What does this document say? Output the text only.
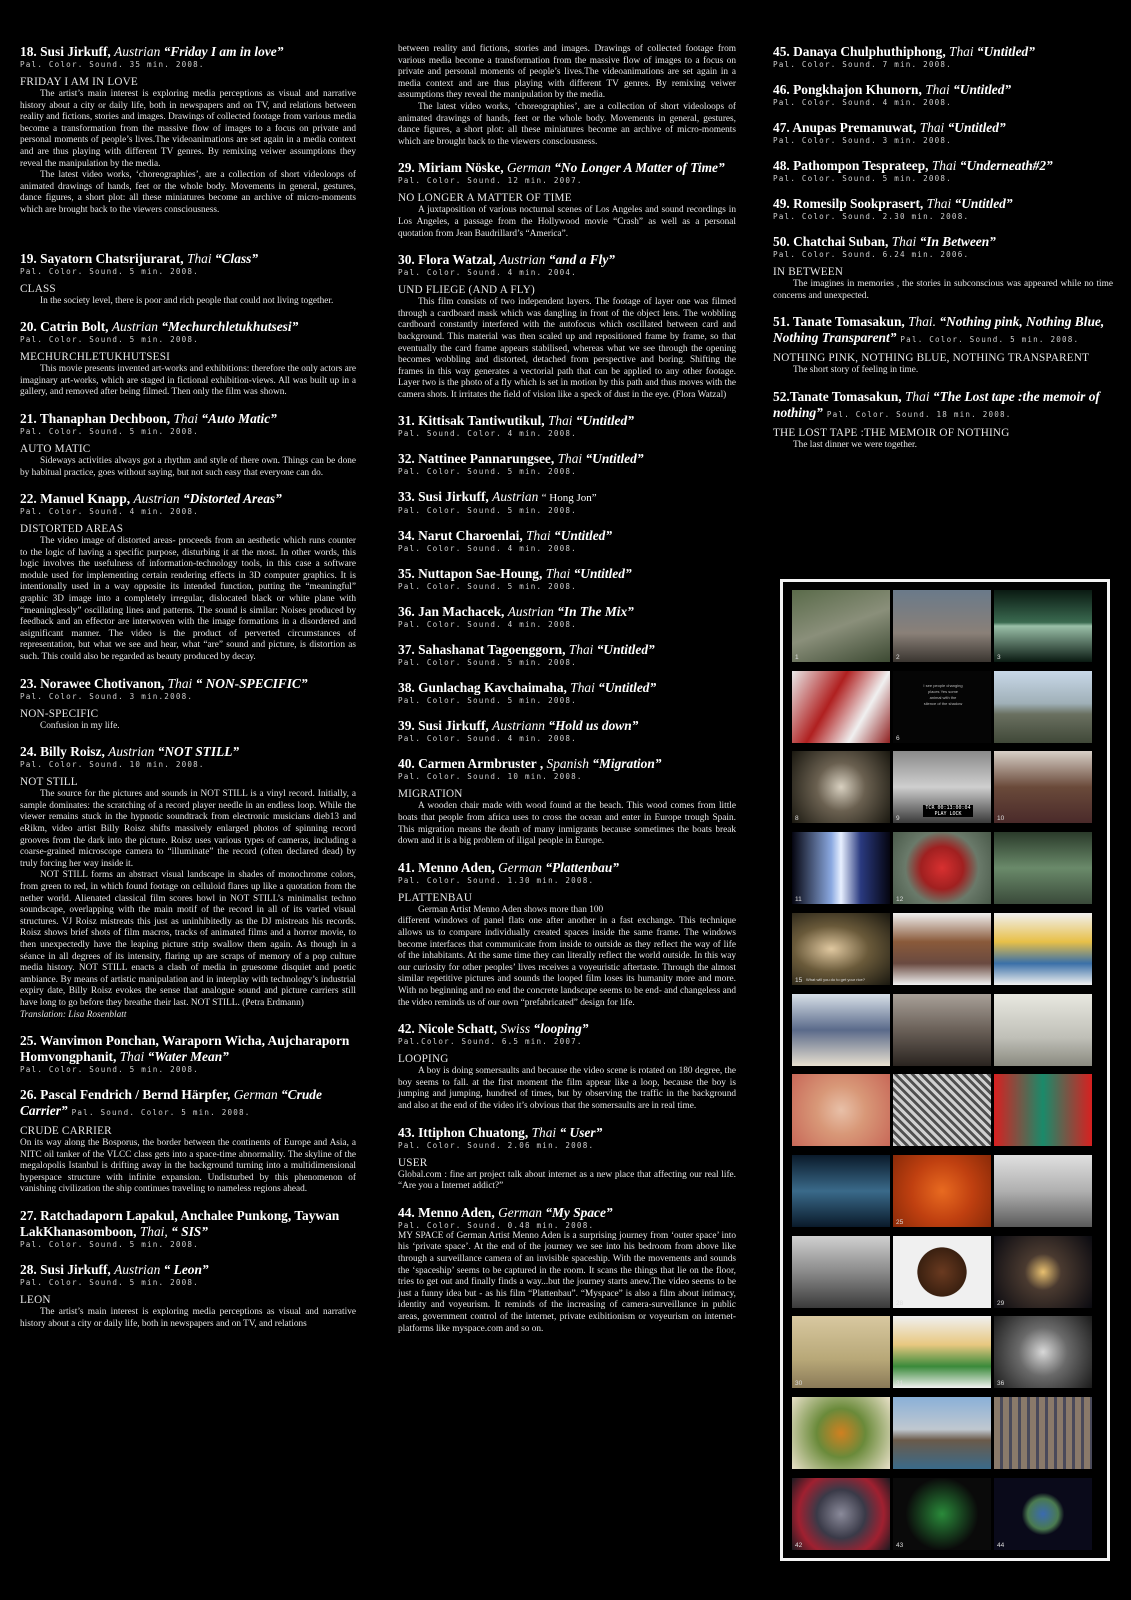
18. Susi Jirkuff, Austrian “Friday I am in love”
Pal. Color. Sound. 35 min. 2008.
FRIDAY I AM IN LOVE

The artist’s main interest is exploring media perceptions as visual and narrative history about a city or daily life, both in newspapers and on TV, and relations between reality and fictions, stories and images. Drawings of collected footage from various media become a transformation from the massive flow of images to a focus on private and personal moments of people’s lives.The videoanimations are set again in a media context and are thus playing with different TV genres. By remixing veiwer assumptions they reveal the manipulation by the media.

The latest video works, ‘choreographies’, are a collection of short videoloops of animated drawings of hands, feet or the whole body. Movements in general, gestures, dance figures, a short plot: all these miniatures become an archive of micro-moments which are brought back to the viewers consciousness.

19. Sayatorn Chatsrijurarat, Thai “Class”
Pal. Color. Sound. 5 min. 2008.
CLASS

In the society level, there is poor and rich people that could not living together.

20. Catrin Bolt, Austrian “Mechurchletukhutsesi”
Pal. Color. Sound. 5 min. 2008.
MECHURCHLETUKHUTSESI

This movie presents invented art-works and exhibitions: therefore the only actors are imaginary art-works, which are staged in fictional exhibition-views. All was built up in a gallery, and removed after being filmed. Then only the film was shown.

21. Thanaphan Dechboon, Thai “Auto Matic”
Pal. Color. Sound. 5 min. 2008.
AUTO MATIC

Sideways activities always got a rhythm and style of there own. Things can be done by habitual practice, goes without saying, but not such easy that everyone can do.

22. Manuel Knapp, Austrian “Distorted Areas”
Pal. Color. Sound. 4 min. 2008.
DISTORTED AREAS

The video image of distorted areas- proceeds from an aesthetic which runs counter to the logic of having a specific purpose, disturbing it at the most. In other words, this logic involves the usefulness of information-technology tools, in this case a software module used for implementing certain rendering effects in 3D computer graphics. It is intentionally used in a way opposite its intended function, putting the “meaningful” graphic 3D image into a completely irregular, dislocated black or white plane with “meaninglessly” oscillating lines and patterns. The sound is similar: Noises produced by feedback and an effector are interwoven with the image formations in a disordered and asignificant manner. The video is the product of perverted circumstances of representation, but what we see and hear, what “are” sound and picture, is distortion as such. This could also be regarded as beauty produced by decay.

23. Norawee Chotivanon, Thai “ NON-SPECIFIC”
Pal. Color. Sound. 3 min.2008.
NON-SPECIFIC

Confusion in my life.

24. Billy Roisz, Austrian “NOT STILL”
Pal. Color. Sound. 10 min. 2008.
NOT STILL

The source for the pictures and sounds in NOT STILL is a vinyl record. Initially, a sample dominates: the scratching of a record player needle in an endless loop. While the viewer remains stuck in the hypnotic soundtrack from electronic musicians dieb13 and eRikm, video artist Billy Roisz shifts massively enlarged photos of spinning record grooves from the dark into the picture. Roisz uses various types of cameras, including a coarse-grained microscope camera to “illuminate” the record (often declared dead) by truly forcing her way inside it.

NOT STILL forms an abstract visual landscape in shades of monochrome colors, from green to red, in which found footage on celluloid flares up like a quotation from the nether world. Alienated classical film scores howl in NOT STILL’s minimalist techno soundscape, overlapping with the main motif of the record in all of its varied visual structures. VJ Roisz mistreats this just as uninhibitedly as the DJ mistreats his records. Roisz shows brief shots of film macros, tracks of animated films and a horror movie, to then unexpectedly have the leaping picture strip swallow them again. As though in a séance in all degrees of its intensity, flaring up are scraps of memory of a pop culture media history. NOT STILL enacts a clash of media in gruesome disquiet and poetic ambiance. By means of artistic manipulation and in interplay with technology’s industrial expiry date, Billy Roisz evokes the sense that analogue sound and picture carriers still have long to go before they breathe their last. NOT STILL. (Petra Erdmann)

Translation: Lisa Rosenblatt
25. Wanvimon Ponchan, Waraporn Wicha, Aujcharaporn Homvongphanit, Thai “Water Mean”
Pal. Color. Sound. 5 min. 2008.
26. Pascal Fendrich / Bernd Härpfer, German “Crude Carrier” Pal. Sound. Color. 5 min. 2008.
CRUDE CARRIER

On its way along the Bosporus, the border between the continents of Europe and Asia, a NITC oil tanker of the VLCC class gets into a space-time abnormality. The skyline of the megalopolis Istanbul is drifting away in the background turning into a multidimensional hyperspace structure with infinite expansion. Undisturbed by this phenomenon of vanishing civilization the ship continues traveling to nameless regions ahead.

27. Ratchadaporn Lapakul, Anchalee Punkong, Taywan LakKhanasomboon, Thai, “ SIS”
Pal. Color. Sound. 5 min. 2008.
28. Susi Jirkuff, Austrian “ Leon”
Pal. Color. Sound. 5 min. 2008.
LEON

The artist’s main interest is exploring media perceptions as visual and narrative history about a city or daily life, both in newspapers and on TV, and relations

between reality and fictions, stories and images. Drawings of collected footage from various media become a transformation from the massive flow of images to a focus on private and personal moments of people’s lives.The videoanimations are set again in a media context and are thus playing with different TV genres. By remixing veiwer assumptions they reveal the manipulation by the media.

The latest video works, ‘choreographies’, are a collection of short videoloops of animated drawings of hands, feet or the whole body. Movements in general, gestures, dance figures, a short plot: all these miniatures become an archive of micro-moments which are brought back to the viewers consciousness.

29. Miriam Nöske, German “No Longer A Matter of Time”
Pal. Color. Sound. 12 min. 2007.
NO LONGER A MATTER OF TIME

A juxtaposition of various nocturnal scenes of Los Angeles and sound recordings in Los Angeles, a passage from the Hollywood movie “Crash” as well as a personal quotation from Jean Baudrillard’s “America”.

30. Flora Watzal, Austrian “and a Fly”
Pal. Color. Sound. 4 min. 2004.
UND FLIEGE (AND A FLY)

This film consists of two independent layers. The footage of layer one was filmed through a cardboard mask which was dangling in front of the object lens. The wobbling cardboard constantly interfered with the autofocus which oscillated between card and background. This material was then scaled up and repositioned frame by frame, so that eventually the card frame appears stabilised, whereas what we see through the opening becomes wobbling and distorted, detached from perspective and boring. Shifting the frames in this way generates a vectorial path that can be applied to any other footage. Layer two is the photo of a fly which is set in motion by this path and thus moves with the camera shots. It irritates the field of vision like a speck of dust in the eye. (Flora Watzal)

31. Kittisak Tantiwutikul, Thai “Untitled”
Pal. Sound. Color. 4 min. 2008.
32. Nattinee Pannarungsee, Thai “Untitled”
Pal. Color. Sound. 5 min. 2008.
33. Susi Jirkuff, Austrian “ Hong Jon”
Pal. Color. Sound. 5 min. 2008.
34. Narut Charoenlai, Thai “Untitled”
Pal. Color. Sound. 4 min. 2008.
35. Nuttapon Sae-Houng, Thai “Untitled”
Pal. Color. Sound. 5 min. 2008.
36. Jan Machacek, Austrian “In The Mix”
Pal. Color. Sound. 4 min. 2008.
37. Sahashanat Tagoenggorn, Thai “Untitled”
Pal. Color. Sound. 5 min. 2008.
38. Gunlachag Kavchaimaha, Thai “Untitled”
Pal. Color. Sound. 5 min. 2008.
39. Susi Jirkuff, Austriann “Hold us down”
Pal. Color. Sound. 4 min. 2008.
40. Carmen Armbruster , Spanish “Migration”
Pal. Color. Sound. 10 min. 2008.
MIGRATION

A wooden chair made with wood found at the beach. This wood comes from little boats that people from africa uses to cross the ocean and enter in Europe trough Spain. This migration means the death of many inmigrants because sometimes the boats break down and it is a big problem of iligal people in Europe.

41. Menno Aden, German “Plattenbau”
Pal. Color. Sound. 1.30 min. 2008.
PLATTENBAU

German Artist Menno Aden shows more than 100

different windows of panel flats one after another in a fast exchange. This technique allows us to compare individually created spaces inside the same frame. The windows become interfaces that communicate from inside to outside as they reflect the way of life of the inhabitants. At the same time they can literally reflect the world outside. In this way our curiosity for other peoples’ lives receives a voyeuristic aftertaste. Through the almost similar repetitive pictures and sounds the looped film loses its humanity more and more. With no beginning and no end the concrete landscape seems to be end- and changeless and the video reminds us of our own “prefabricated” design for life.

42. Nicole Schatt, Swiss “looping”
Pal.Color. Sound. 6.5 min. 2007.
LOOPING

A boy is doing somersaults and because the video scene is rotated on 180 degree, the boy seems to fall. at the first moment the film appear like a loop, because the boy is jumping and jumping, hundred of times, but by observing the traffic in the background and also at the end of the video it’s obvious that the somersaults are in real time.

43. Ittiphon Chuatong, Thai “ User”
Pal. Color. Sound. 2.06 min. 2008.
USER

Global.com : fine art project talk about internet as a new place that affecting our real life. “Are you a Internet addict?”

44. Menno Aden, German “My Space”
Pal. Color. Sound. 0.48 min. 2008.

MY SPACE of German Artist Menno Aden is a surprising journey from ‘outer space’ into his ‘private space’. At the end of the journey we see into his bedroom from above like through a surveillance camera of an invisible spaceship. With the movements and sounds the ‘spaceship’ seems to be captured in the room. It scans the things that lie on the floor, tries to get out and finally finds a way...but the journey starts anew.The video seems to be just a funny idea but - as his film “Plattenbau”. “Myspace” is also a film about intimacy, identity and voyeurism. It reminds of the increasing of camera-surveillance in public areas, government control of the internet, private exibitionism or voyeurism on internet-platforms like myspace.com and so on.

45. Danaya Chulphuthiphong, Thai “Untitled”
Pal. Color. Sound. 7 min. 2008.
46. Pongkhajon Khunorn, Thai “Untitled”
Pal. Color. Sound. 4 min. 2008.
47. Anupas Premanuwat, Thai “Untitled”
Pal. Color. Sound. 3 min. 2008.
48. Pathompon Tesprateep, Thai “Underneath#2”
Pal. Color. Sound. 5 min. 2008.
49. Romesilp Sookprasert, Thai “Untitled”
Pal. Color. Sound. 2.30 min. 2008.
50. Chatchai Suban, Thai “In Between”
Pal. Color. Sound. 6.24 min. 2006.
IN BETWEEN

The imagines in memories , the stories in subconscious was appeared while no time concerns and unexpected.

51. Tanate Tomasakun, Thai. “Nothing pink, Nothing Blue, Nothing Transparent” Pal. Color. Sound. 5 min. 2008.
NOTHING PINK, NOTHING BLUE, NOTHING TRANSPARENT

The short story of feeling in time.

52.Tanate Tomasakun, Thai “The Lost tape :the memoir of nothing” Pal. Color. Sound. 18 min. 2008.
THE LOST TAPE :THE MEMOIR OF NOTHING

The last dinner we were together.

1	2	3
6
I see people changing places Yes some animal with the silence of the shadow
8	9
TCR 00:13:00:04 PLAY LOCK
10
11	12
15 What will you do to get your rice?
25
28	29
30	31	36
42	43	44
